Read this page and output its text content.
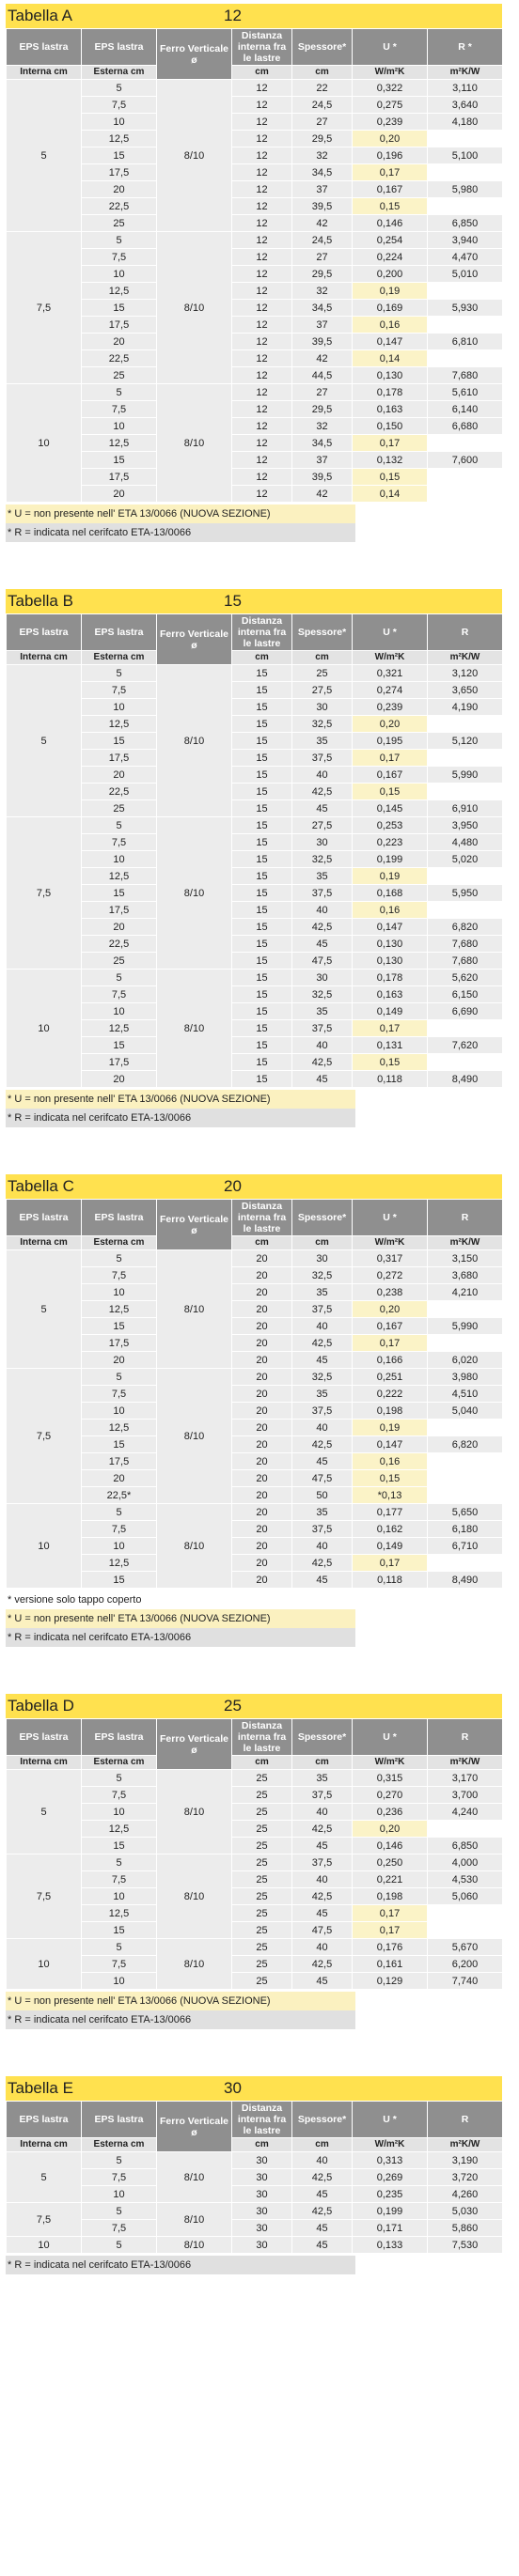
Tabella A	12
EPS lastra	EPS lastra	Ferro Verticale ø	Distanza interna fra le lastre	Spessore*	U *	R *
Interna cm	Esterna cm		cm	cm	W/m²K	m²K/W
5	5	8/10	12	22	0,322	3,110
	7,5		12	24,5	0,275	3,640
	10		12	27	0,239	4,180
	12,5		12	29,5	0,20	
	15		12	32	0,196	5,100
	17,5		12	34,5	0,17	
	20		12	37	0,167	5,980
	22,5		12	39,5	0,15	
	25		12	42	0,146	6,850
7,5	5	8/10	12	24,5	0,254	3,940
	7,5		12	27	0,224	4,470
	10		12	29,5	0,200	5,010
	12,5		12	32	0,19	
	15		12	34,5	0,169	5,930
	17,5		12	37	0,16	
	20		12	39,5	0,147	6,810
	22,5		12	42	0,14	
	25		12	44,5	0,130	7,680
10	5	8/10	12	27	0,178	5,610
	7,5		12	29,5	0,163	6,140
	10		12	32	0,150	6,680
	12,5		12	34,5	0,17	
	15		12	37	0,132	7,600
	17,5		12	39,5	0,15	
	20		12	42	0,14	
* U = non presente nell' ETA 13/0066 (NUOVA SEZIONE)
* R = indicata nel cerifcato ETA-13/0066
Tabella B	15
EPS lastra	EPS lastra	Ferro Verticale ø	Distanza interna fra le lastre	Spessore*	U *	R
Interna cm	Esterna cm		cm	cm	W/m²K	m²K/W
5	5	8/10	15	25	0,321	3,120
	7,5		15	27,5	0,274	3,650
	10		15	30	0,239	4,190
	12,5		15	32,5	0,20	
	15		15	35	0,195	5,120
	17,5		15	37,5	0,17	
	20		15	40	0,167	5,990
	22,5		15	42,5	0,15	
	25		15	45	0,145	6,910
7,5	5	8/10	15	27,5	0,253	3,950
	7,5		15	30	0,223	4,480
	10		15	32,5	0,199	5,020
	12,5		15	35	0,19	
	15		15	37,5	0,168	5,950
	17,5		15	40	0,16	
	20		15	42,5	0,147	6,820
	22,5		15	45	0,130	7,680
	25		15	47,5	0,130	7,680
10	5	8/10	15	30	0,178	5,620
	7,5		15	32,5	0,163	6,150
	10		15	35	0,149	6,690
	12,5		15	37,5	0,17	
	15		15	40	0,131	7,620
	17,5		15	42,5	0,15	
	20		15	45	0,118	8,490
* U = non presente nell' ETA 13/0066 (NUOVA SEZIONE)
* R = indicata nel cerifcato ETA-13/0066
Tabella C	20
EPS lastra	EPS lastra	Ferro Verticale ø	Distanza interna fra le lastre	Spessore*	U *	R
Interna cm	Esterna cm		cm	cm	W/m²K	m²K/W
5	5	8/10	20	30	0,317	3,150
	7,5		20	32,5	0,272	3,680
	10		20	35	0,238	4,210
	12,5		20	37,5	0,20	
	15		20	40	0,167	5,990
	17,5		20	42,5	0,17	
	20		20	45	0,166	6,020
7,5	5	8/10	20	32,5	0,251	3,980
	7,5		20	35	0,222	4,510
	10		20	37,5	0,198	5,040
	12,5		20	40	0,19	
	15		20	42,5	0,147	6,820
	17,5		20	45	0,16	
	20		20	47,5	0,15	
	22,5*		20	50	*0,13	
10	5	8/10	20	35	0,177	5,650
	7,5		20	37,5	0,162	6,180
	10		20	40	0,149	6,710
	12,5		20	42,5	0,17	
	15		20	45	0,118	8,490
* versione solo tappo coperto
* U = non presente nell' ETA 13/0066 (NUOVA SEZIONE)
* R = indicata nel cerifcato ETA-13/0066
Tabella D	25
EPS lastra	EPS lastra	Ferro Verticale ø	Distanza interna fra le lastre	Spessore*	U *	R
Interna cm	Esterna cm		cm	cm	W/m²K	m²K/W
5	5	8/10	25	35	0,315	3,170
	7,5		25	37,5	0,270	3,700
	10		25	40	0,236	4,240
	12,5		25	42,5	0,20	
	15		25	45	0,146	6,850
7,5	5	8/10	25	37,5	0,250	4,000
	7,5		25	40	0,221	4,530
	10		25	42,5	0,198	5,060
	12,5		25	45	0,17	
	15		25	47,5	0,17	
10	5	8/10	25	40	0,176	5,670
	7,5		25	42,5	0,161	6,200
	10		25	45	0,129	7,740
* U = non presente nell' ETA 13/0066 (NUOVA SEZIONE)
* R = indicata nel cerifcato ETA-13/0066
Tabella E	30
EPS lastra	EPS lastra	Ferro Verticale ø	Distanza interna fra le lastre	Spessore*	U *	R
Interna cm	Esterna cm		cm	cm	W/m²K	m²K/W
5	5	8/10	30	40	0,313	3,190
	7,5		30	42,5	0,269	3,720
	10		30	45	0,235	4,260
7,5	5	8/10	30	42,5	0,199	5,030
	7,5		30	45	0,171	5,860
10	5	8/10	30	45	0,133	7,530
* R = indicata nel cerifcato ETA-13/0066
